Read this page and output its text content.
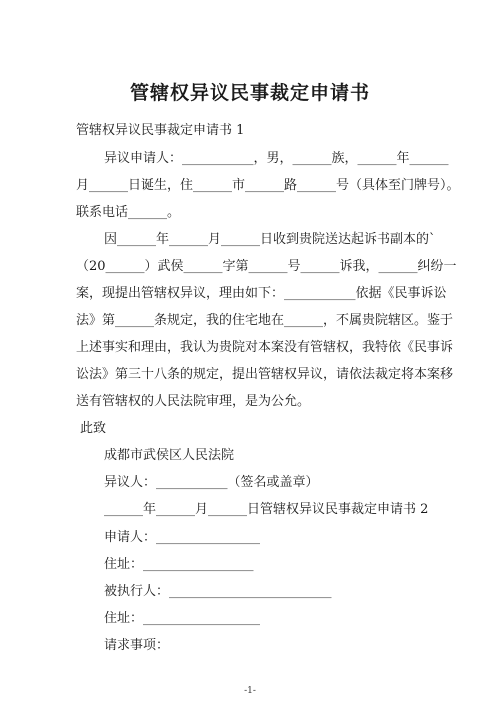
管辖权异议民事裁定申请书
管辖权异议民事裁定申请书 1
异议申请人：___________，男，______族，______年______
月______日诞生，住______市______路______号（具体至门牌号）。
联系电话______。
因______年______月______日收到贵院送达起诉书副本的`
（20______）武侯______字第______号______诉我，______纠纷一
案，现提出管辖权异议，理由如下：___________依据《民事诉讼
法》第______条规定，我的住宅地在______，不属贵院辖区。鉴于
上述事实和理由，我认为贵院对本案没有管辖权，我特依《民事诉
讼法》第三十八条的规定，提出管辖权异议，请依法裁定将本案移
送有管辖权的人民法院审理，是为公允。
此致
成都市武侯区人民法院
异议人：___________（签名或盖章）
______年______月______日管辖权异议民事裁定申请书 2
申请人：________________
住址：_________________
被执行人：_________________________
住址：__________________
请求事项：
-1-
